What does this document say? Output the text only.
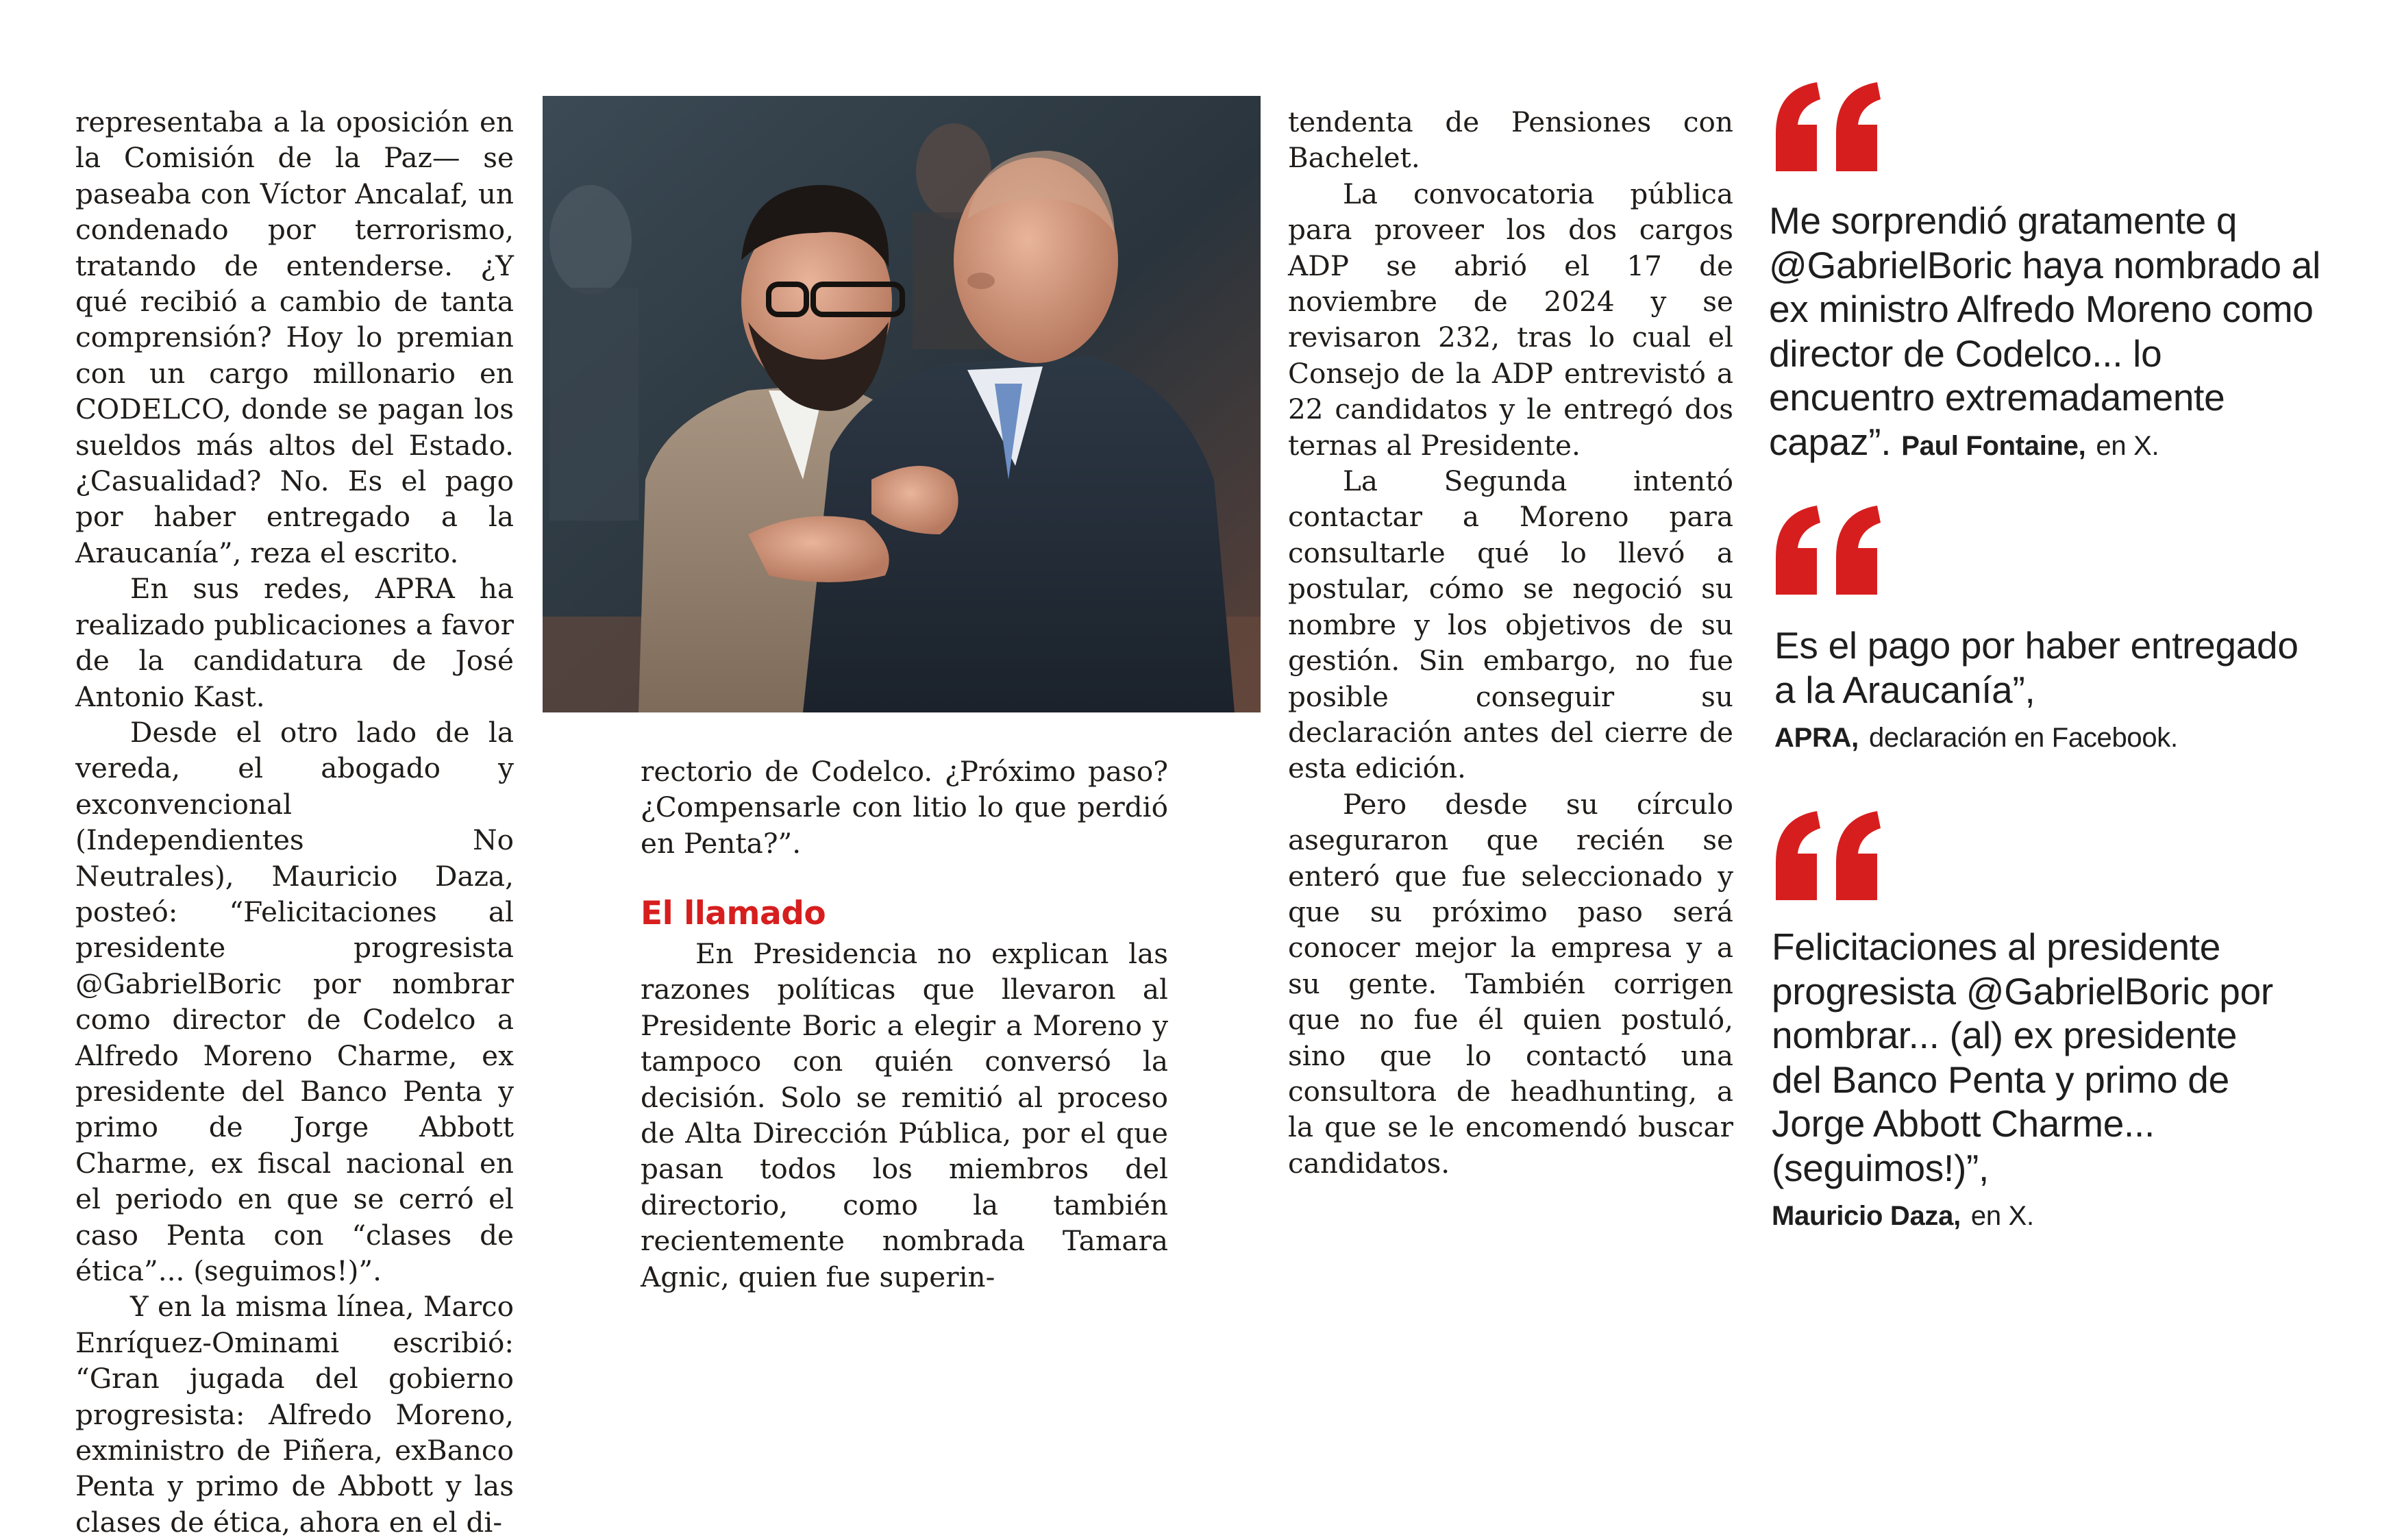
representaba a la oposición en la Comisión de la Paz— se paseaba con Víctor Ancalaf, un condenado por terrorismo, tratando de entenderse. ¿Y qué recibió a cambio de tanta comprensión? Hoy lo premian con un cargo millonario en CODELCO, donde se pagan los sueldos más altos del Estado. ¿Casualidad? No. Es el pago por haber entregado a la Araucanía”, reza el escrito.

En sus redes, APRA ha realizado publicaciones a favor de la candidatura de José Antonio Kast.

Desde el otro lado de la vereda, el abogado y exconvencional (Independientes No Neutrales), Mauricio Daza, posteó: “Felicitaciones al presidente progresista @GabrielBoric por nombrar como director de Codelco a Alfredo Moreno Charme, ex presidente del Banco Penta y primo de Jorge Abbott Charme, ex fiscal nacional en el periodo en que se cerró el caso Penta con “clases de ética”... (seguimos!)”.

Y en la misma línea, Marco Enríquez-Ominami escribió: “Gran jugada del gobierno progresista: Alfredo Moreno, exministro de Piñera, exBanco Penta y primo de Abbott y las clases de ética, ahora en el di-

rectorio de Codelco. ¿Próximo paso? ¿Compensarle con litio lo que perdió en Penta?”.

El llamado

En Presidencia no explican las razones políticas que llevaron al Presidente Boric a elegir a Moreno y tampoco con quién conversó la decisión. Solo se remitió al proceso de Alta Dirección Pública, por el que pasan todos los miembros del directorio, como la también recientemente nombrada Tamara Agnic, quien fue superin-

tendenta de Pensiones con Bachelet.

La convocatoria pública para proveer los dos cargos ADP se abrió el 17 de noviembre de 2024 y se revisaron 232, tras lo cual el Consejo de la ADP entrevistó a 22 candidatos y le entregó dos ternas al Presidente.

La Segunda intentó contactar a Moreno para consultarle qué lo llevó a postular, cómo se negoció su nombre y los objetivos de su gestión. Sin embargo, no fue posible conseguir su declaración antes del cierre de esta edición.

Pero desde su círculo aseguraron que recién se enteró que fue seleccionado y que su próximo paso será conocer mejor la empresa y a su gente. También corrigen que no fue él quien postuló, sino que lo contactó una consultora de headhunting, a la que se le encomendó buscar candidatos.

Me sorprendió gratamente q @GabrielBoric haya nombrado al ex ministro Alfredo Moreno como director de Codelco... lo encuentro extremadamente capaz”. Paul Fontaine, en X.
Es el pago por haber entregado a la Araucanía”,
APRA, declaración en Facebook.
Felicitaciones al presidente progresista @GabrielBoric por nombrar... (al) ex presidente del Banco Penta y primo de Jorge Abbott Charme... (seguimos!)”,
Mauricio Daza, en X.
